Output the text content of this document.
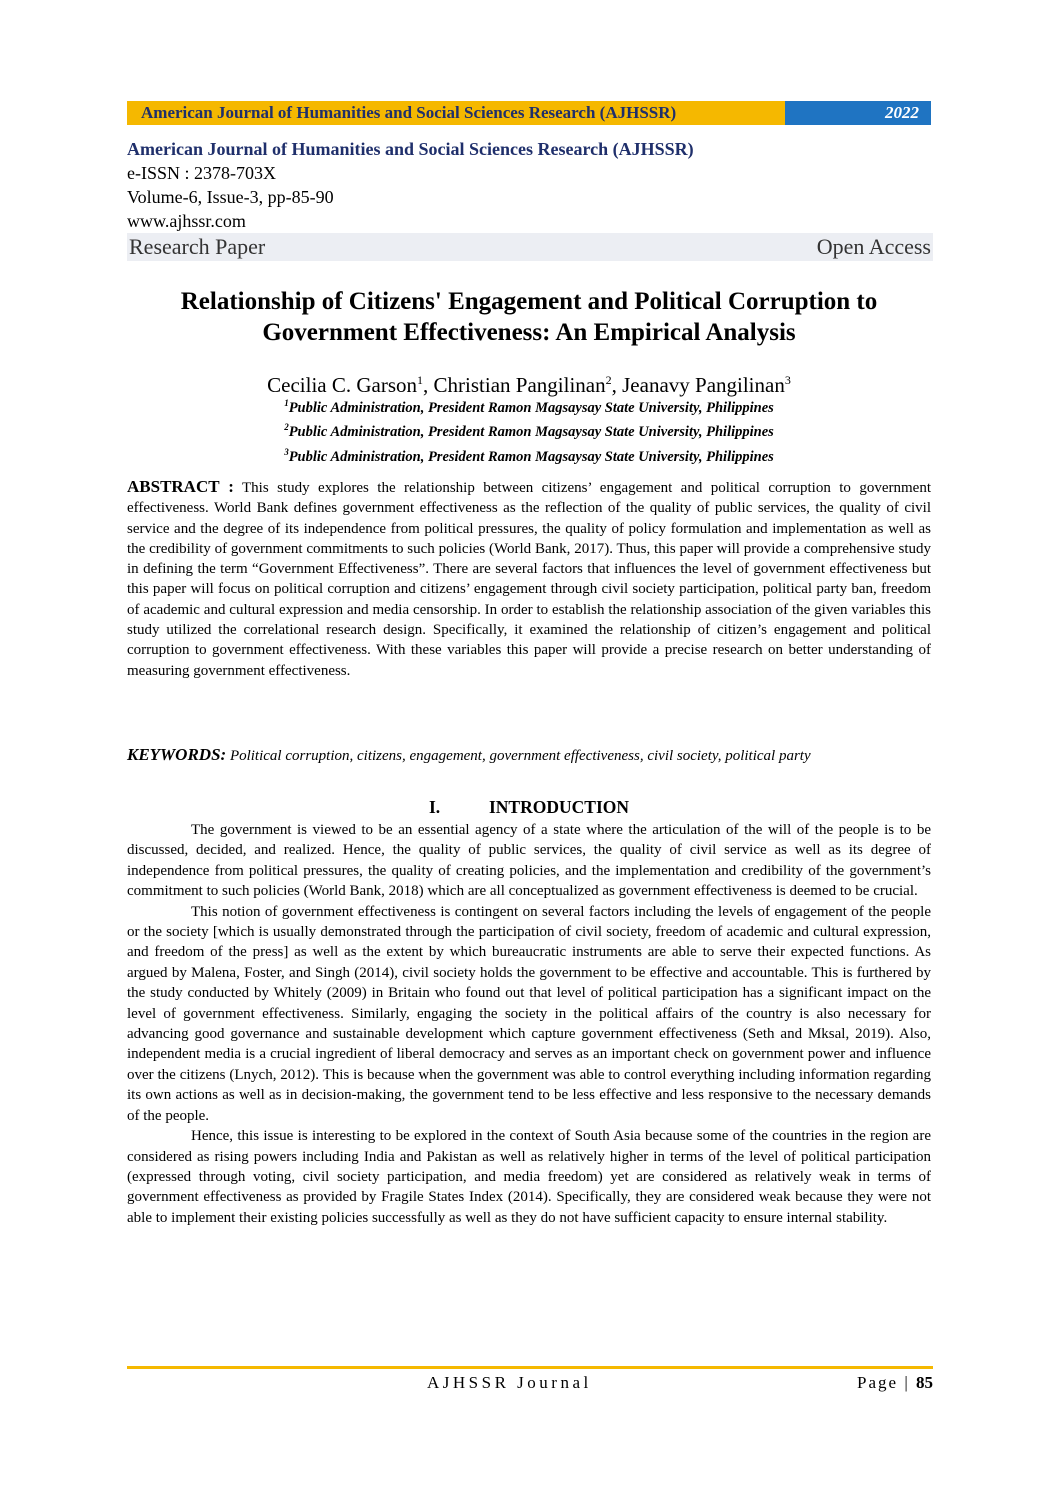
American Journal of Humanities and Social Sciences Research (AJHSSR)	2022
American Journal of Humanities and Social Sciences Research (AJHSSR)
e-ISSN : 2378-703X
Volume-6, Issue-3, pp-85-90
www.ajhssr.com
Research Paper	Open Access
Relationship of Citizens' Engagement and Political Corruption to
Government Effectiveness: An Empirical Analysis
Cecilia C. Garson$^1$, Christian Pangilinan$^2$, Jeanavy Pangilinan$^3$
$^1$Public Administration, President Ramon Magsaysay State University, Philippines
$^2$Public Administration, President Ramon Magsaysay State University, Philippines
$^3$Public Administration, President Ramon Magsaysay State University, Philippines
ABSTRACT : This study explores the relationship between citizens’ engagement and political corruption to government effectiveness. World Bank defines government effectiveness as the reflection of the quality of public services, the quality of civil service and the degree of its independence from political pressures, the quality of policy formulation and implementation as well as the credibility of government commitments to such policies (World Bank, 2017). Thus, this paper will provide a comprehensive study in defining the term “Government Effectiveness”. There are several factors that influences the level of government effectiveness but this paper will focus on political corruption and citizens’ engagement through civil society participation, political party ban, freedom of academic and cultural expression and media censorship. In order to establish the relationship association of the given variables this study utilized the correlational research design. Specifically, it examined the relationship of citizen’s engagement and political corruption to government effectiveness. With these variables this paper will provide a precise research on better understanding of measuring government effectiveness.
KEYWORDS: Political corruption, citizens, engagement, government effectiveness, civil society, political party
I.	INTRODUCTION

The government is viewed to be an essential agency of a state where the articulation of the will of the people is to be discussed, decided, and realized. Hence, the quality of public services, the quality of civil service as well as its degree of independence from political pressures, the quality of creating policies, and the implementation and credibility of the government’s commitment to such policies (World Bank, 2018) which are all conceptualized as government effectiveness is deemed to be crucial.

This notion of government effectiveness is contingent on several factors including the levels of engagement of the people or the society [which is usually demonstrated through the participation of civil society, freedom of academic and cultural expression, and freedom of the press] as well as the extent by which bureaucratic instruments are able to serve their expected functions. As argued by Malena, Foster, and Singh (2014), civil society holds the government to be effective and accountable. This is furthered by the study conducted by Whitely (2009) in Britain who found out that level of political participation has a significant impact on the level of government effectiveness. Similarly, engaging the society in the political affairs of the country is also necessary for advancing good governance and sustainable development which capture government effectiveness (Seth and Mksal, 2019). Also, independent media is a crucial ingredient of liberal democracy and serves as an important check on government power and influence over the citizens (Lnych, 2012). This is because when the government was able to control everything including information regarding its own actions as well as in decision-making, the government tend to be less effective and less responsive to the necessary demands of the people.

Hence, this issue is interesting to be explored in the context of South Asia because some of the countries in the region are considered as rising powers including India and Pakistan as well as relatively higher in terms of the level of political participation (expressed through voting, civil society participation, and media freedom) yet are considered as relatively weak in terms of government effectiveness as provided by Fragile States Index (2014). Specifically, they are considered weak because they were not able to implement their existing policies successfully as well as they do not have sufficient capacity to ensure internal stability.

AJHSSR Journal	Page | 85
